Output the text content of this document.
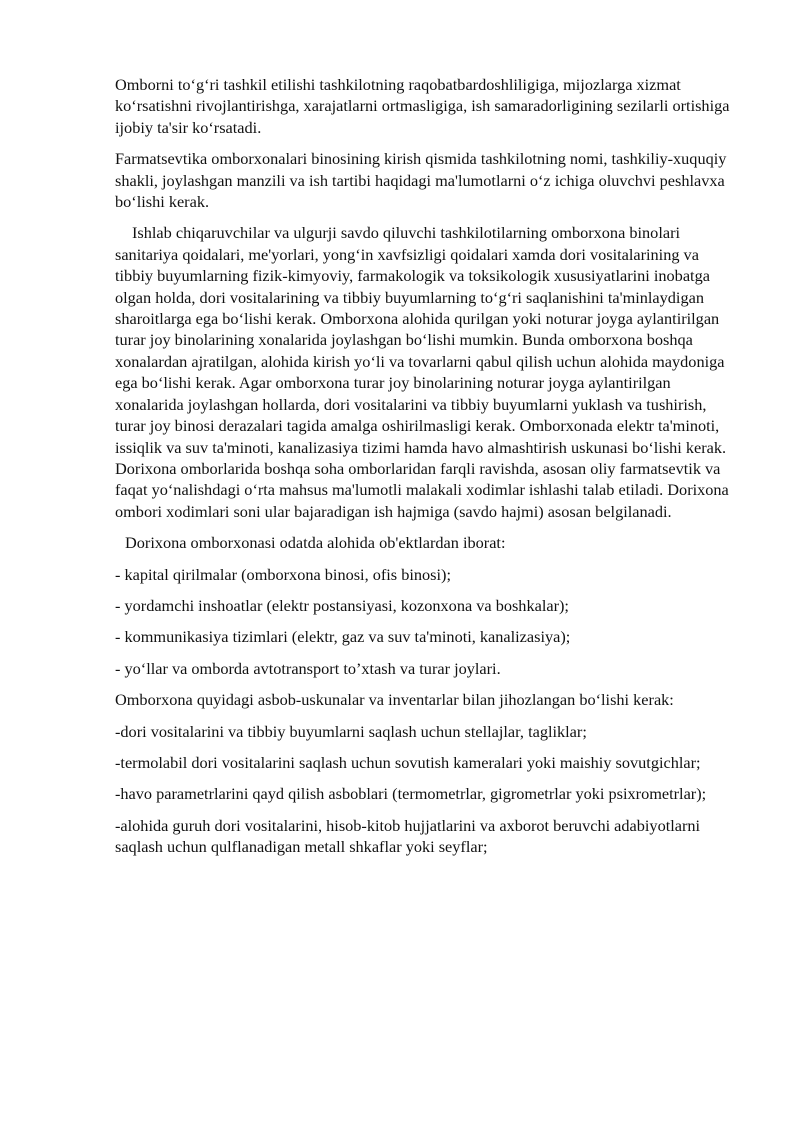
Omborni to‘g‘ri tashkil etilishi tashkilotning raqobatbardoshliligiga, mijozlarga xizmat ko‘rsatishni rivojlantirishga, xarajatlarni ortmasligiga, ish samaradorligining sezilarli ortishiga ijobiy ta'sir ko‘rsatadi.

Farmatsevtika omborxonalari binosining kirish qismida tashkilotning nomi, tashkiliy-xuquqiy shakli, joylashgan manzili va ish tartibi haqidagi ma'lumotlarni o‘z ichiga oluvchvi peshlavxa bo‘lishi kerak.

Ishlab chiqaruvchilar va ulgurji savdo qiluvchi tashkilotilarning omborxona binolari sanitariya qoidalari, me'yorlari, yong‘in xavfsizligi qoidalari xamda dori vositalarining va tibbiy buyumlarning fizik-kimyoviy, farmakologik va toksikologik xususiyatlarini inobatga olgan holda, dori vositalarining va tibbiy buyumlarning to‘g‘ri saqlanishini ta'minlaydigan sharoitlarga ega bo‘lishi kerak. Omborxona alohida qurilgan yoki noturar joyga aylantirilgan turar joy binolarining xonalarida joylashgan bo‘lishi mumkin. Bunda omborxona boshqa xonalardan ajratilgan, alohida kirish yo‘li va tovarlarni qabul qilish uchun alohida maydoniga ega bo‘lishi kerak. Agar omborxona turar joy binolarining noturar joyga aylantirilgan xonalarida joylashgan hollarda, dori vositalarini va tibbiy buyumlarni yuklash va tushirish, turar joy binosi derazalari tagida amalga oshirilmasligi kerak. Omborxonada elektr ta'minoti, issiqlik va suv ta'minoti, kanalizasiya tizimi hamda havo almashtirish uskunasi bo‘lishi kerak. Dorixona omborlarida boshqa soha omborlaridan farqli ravishda, asosan oliy farmatsevtik va faqat yo‘nalishdagi o‘rta mahsus ma'lumotli malakali xodimlar ishlashi talab etiladi. Dorixona ombori xodimlari soni ular bajaradigan ish hajmiga (savdo hajmi) asosan belgilanadi.

Dorixona omborxonasi odatda alohida ob'ektlardan iborat:

- kapital qirilmalar (omborxona binosi, ofis binosi);

- yordamchi inshoatlar (elektr postansiyasi, kozonxona va boshkalar);

- kommunikasiya tizimlari (elektr, gaz va suv ta'minoti, kanalizasiya);

- yo‘llar va omborda avtotransport to’xtash va turar joylari.

Omborxona quyidagi asbob-uskunalar va inventarlar bilan jihozlangan bo‘lishi kerak:

-dori vositalarini va tibbiy buyumlarni saqlash uchun stellajlar, tagliklar;

-termolabil dori vositalarini saqlash uchun sovutish kameralari yoki maishiy sovutgichlar;

-havo parametrlarini qayd qilish asboblari (termometrlar, gigrometrlar yoki psixrometrlar);

-alohida guruh dori vositalarini, hisob-kitob hujjatlarini va axborot beruvchi adabiyotlarni saqlash uchun qulflanadigan metall shkaflar yoki seyflar;
